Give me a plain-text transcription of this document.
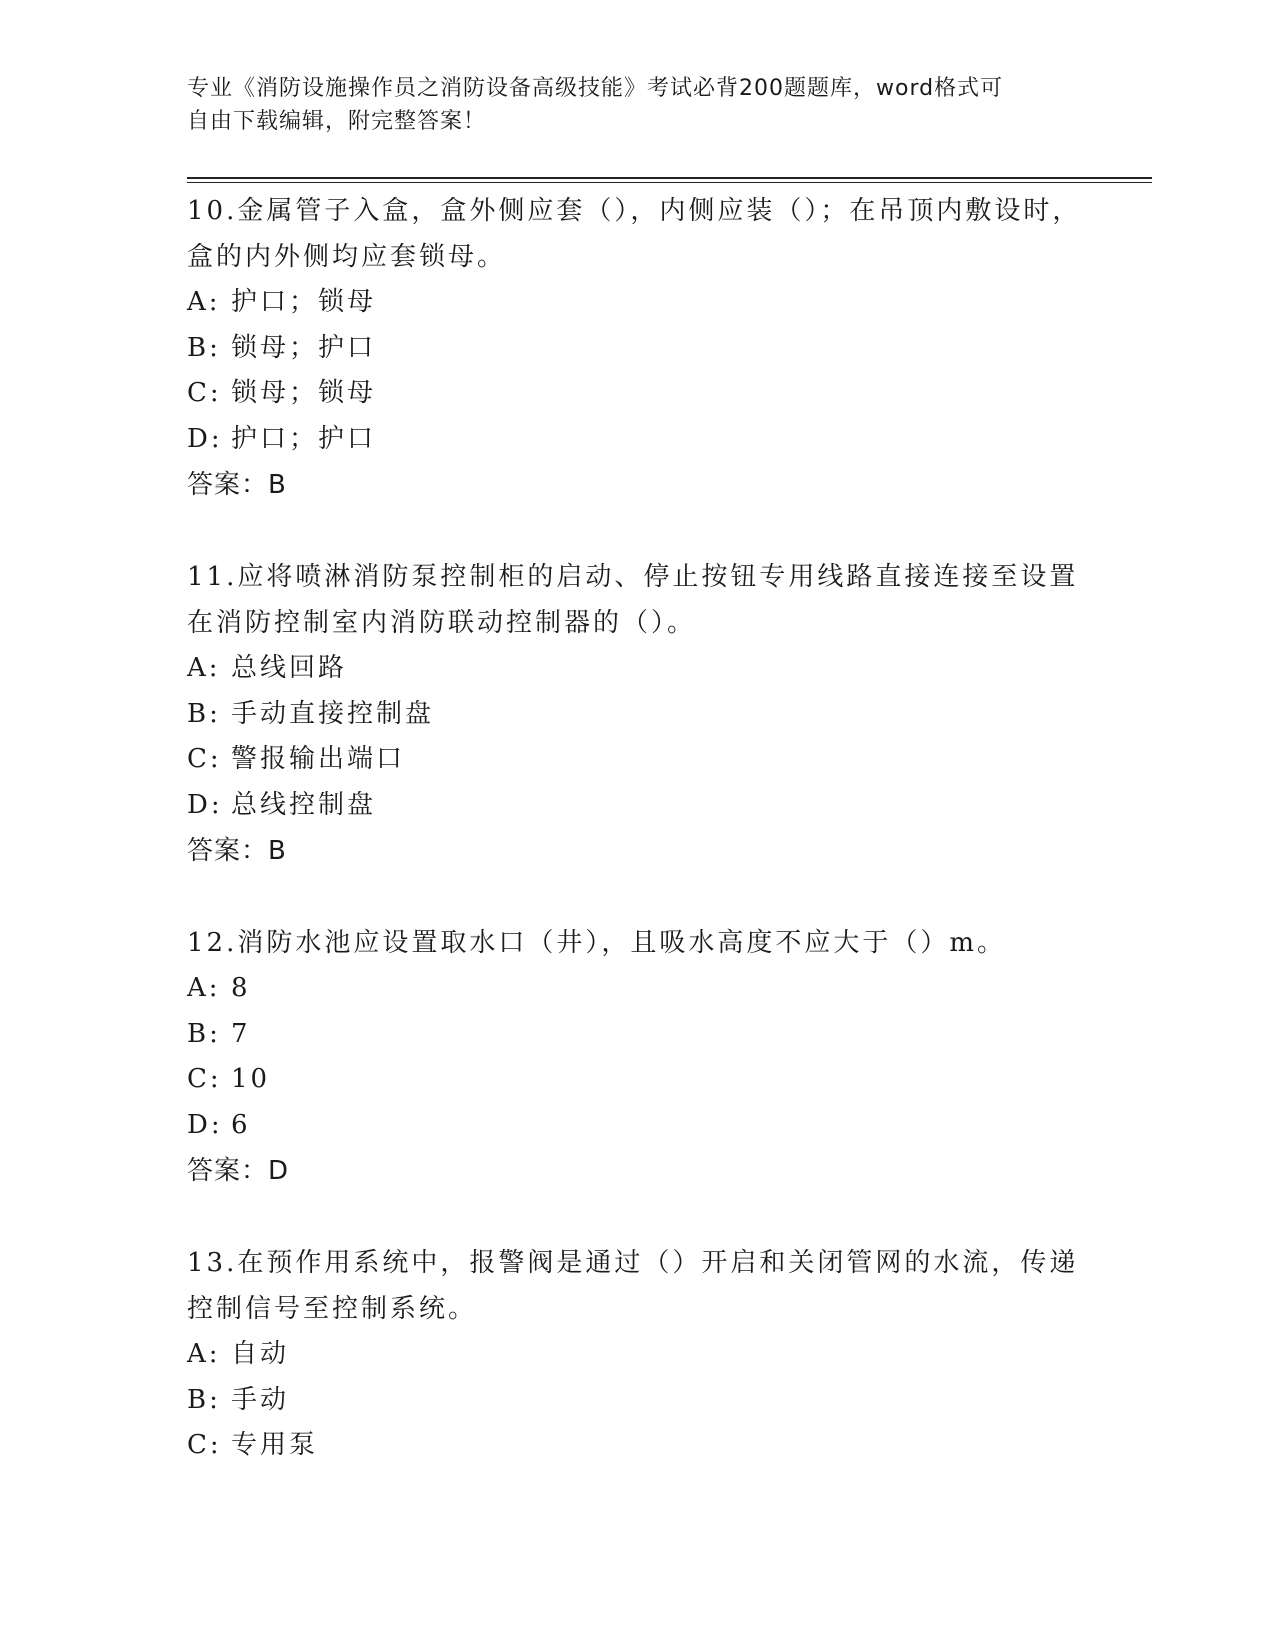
专业《消防设施操作员之消防设备高级技能》考试必背200题题库，word格式可
自由下载编辑，附完整答案！
10.金属管子入盒，盒外侧应套（），内侧应装（）；在吊顶内敷设时，盒的内外侧均应套锁母。
A: 护口；锁母
B: 锁母；护口
C: 锁母；锁母
D: 护口；护口
答案：B
11.应将喷淋消防泵控制柜的启动、停止按钮专用线路直接连接至设置在消防控制室内消防联动控制器的（）。
A: 总线回路
B: 手动直接控制盘
C: 警报输出端口
D: 总线控制盘
答案：B
12.消防水池应设置取水口（井），且吸水高度不应大于（）m。
A: 8
B: 7
C: 10
D: 6
答案：D
13.在预作用系统中，报警阀是通过（）开启和关闭管网的水流，传递控制信号至控制系统。
A: 自动
B: 手动
C: 专用泵
